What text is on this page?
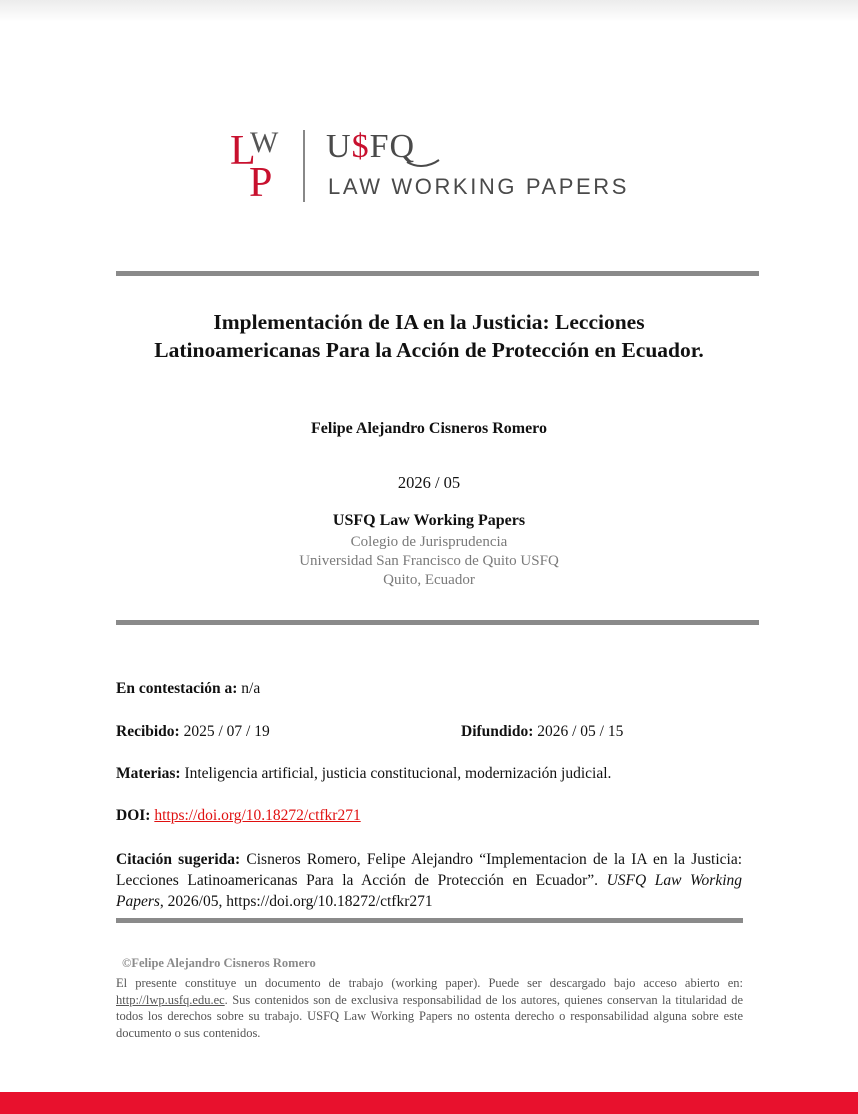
L
W
P
U$FQ
LAW WORKING PAPERS
Implementación de IA en la Justicia: Lecciones
Latinoamericanas Para la Acción de Protección en Ecuador.
Felipe Alejandro Cisneros Romero
2026 / 05
USFQ Law Working Papers
Colegio de Jurisprudencia
Universidad San Francisco de Quito USFQ
Quito, Ecuador
En contestación a: n/a
Recibido: 2025 / 07 / 19	Difundido: 2026 / 05 / 15
Materias: Inteligencia artificial, justicia constitucional, modernización judicial.
DOI: https://doi.org/10.18272/ctfkr271
Citación sugerida: Cisneros Romero, Felipe Alejandro “Implementacion de la IA en la Justicia: Lecciones Latinoamericanas Para la Acción de Protección en Ecuador”. USFQ Law Working Papers, 2026/05, https://doi.org/10.18272/ctfkr271
©Felipe Alejandro Cisneros Romero
El presente constituye un documento de trabajo (working paper). Puede ser descargado bajo acceso abierto en: http://lwp.usfq.edu.ec. Sus contenidos son de exclusiva responsabilidad de los autores, quienes conservan la titularidad de todos los derechos sobre su trabajo. USFQ Law Working Papers no ostenta derecho o responsabilidad alguna sobre este documento o sus contenidos.
